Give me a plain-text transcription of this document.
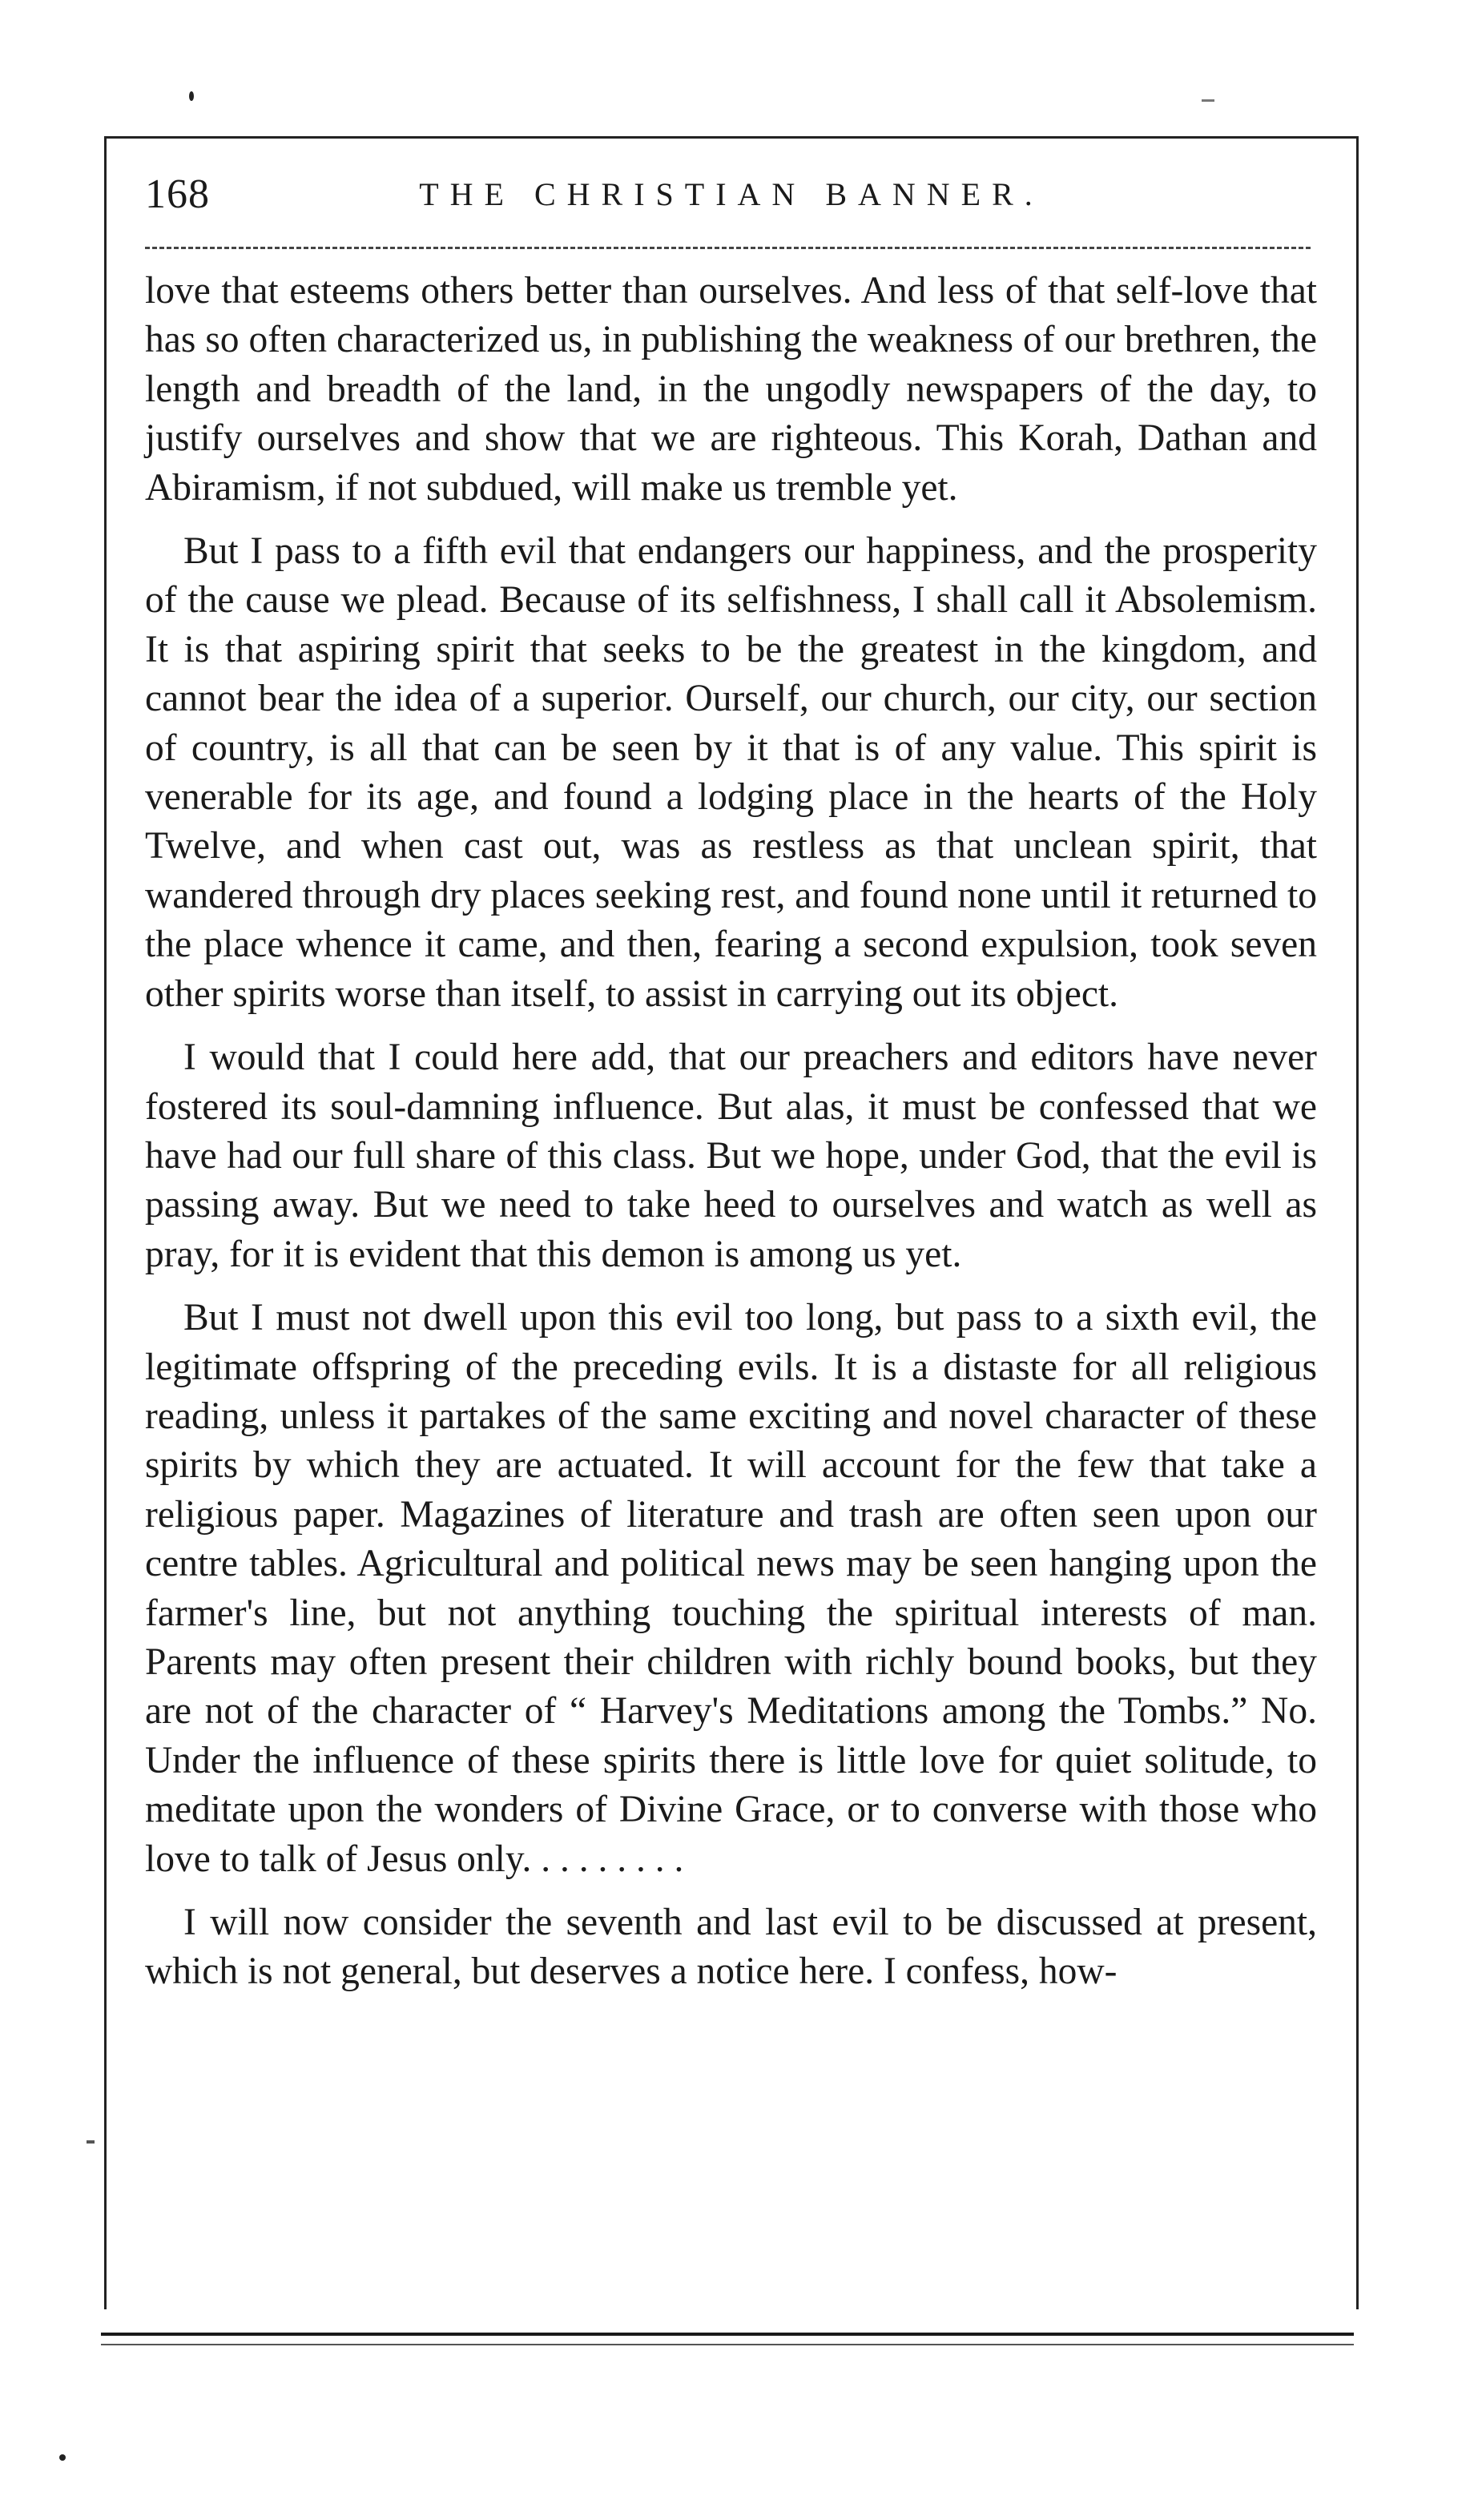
168	THE CHRISTIAN BANNER.

love that esteems others better than ourselves. And less of that self-love that has so often characterized us, in publishing the weakness of our brethren, the length and breadth of the land, in the ungodly newspapers of the day, to justify ourselves and show that we are righteous. This Korah, Dathan and Abiramism, if not subdued, will make us tremble yet.

But I pass to a fifth evil that endangers our happiness, and the prosperity of the cause we plead. Because of its selfishness, I shall call it Absolemism. It is that aspiring spirit that seeks to be the greatest in the kingdom, and cannot bear the idea of a superior. Ourself, our church, our city, our section of country, is all that can be seen by it that is of any value. This spirit is venerable for its age, and found a lodging place in the hearts of the Holy Twelve, and when cast out, was as restless as that unclean spirit, that wandered through dry places seeking rest, and found none until it returned to the place whence it came, and then, fearing a second expulsion, took seven other spirits worse than itself, to assist in carrying out its object.

I would that I could here add, that our preachers and editors have never fostered its soul-damning influence. But alas, it must be confessed that we have had our full share of this class. But we hope, under God, that the evil is passing away. But we need to take heed to ourselves and watch as well as pray, for it is evident that this demon is among us yet.

But I must not dwell upon this evil too long, but pass to a sixth evil, the legitimate offspring of the preceding evils. It is a distaste for all religious reading, unless it partakes of the same exciting and novel character of these spirits by which they are actuated. It will account for the few that take a religious paper. Magazines of literature and trash are often seen upon our centre tables. Agricultural and political news may be seen hanging upon the farmer's line, but not anything touching the spiritual interests of man. Parents may often present their children with richly bound books, but they are not of the character of “ Harvey's Meditations among the Tombs.” No. Under the influence of these spirits there is little love for quiet solitude, to meditate upon the wonders of Divine Grace, or to converse with those who love to talk of Jesus only. . . . . . . . .

I will now consider the seventh and last evil to be discussed at present, which is not general, but deserves a notice here. I confess, how-
